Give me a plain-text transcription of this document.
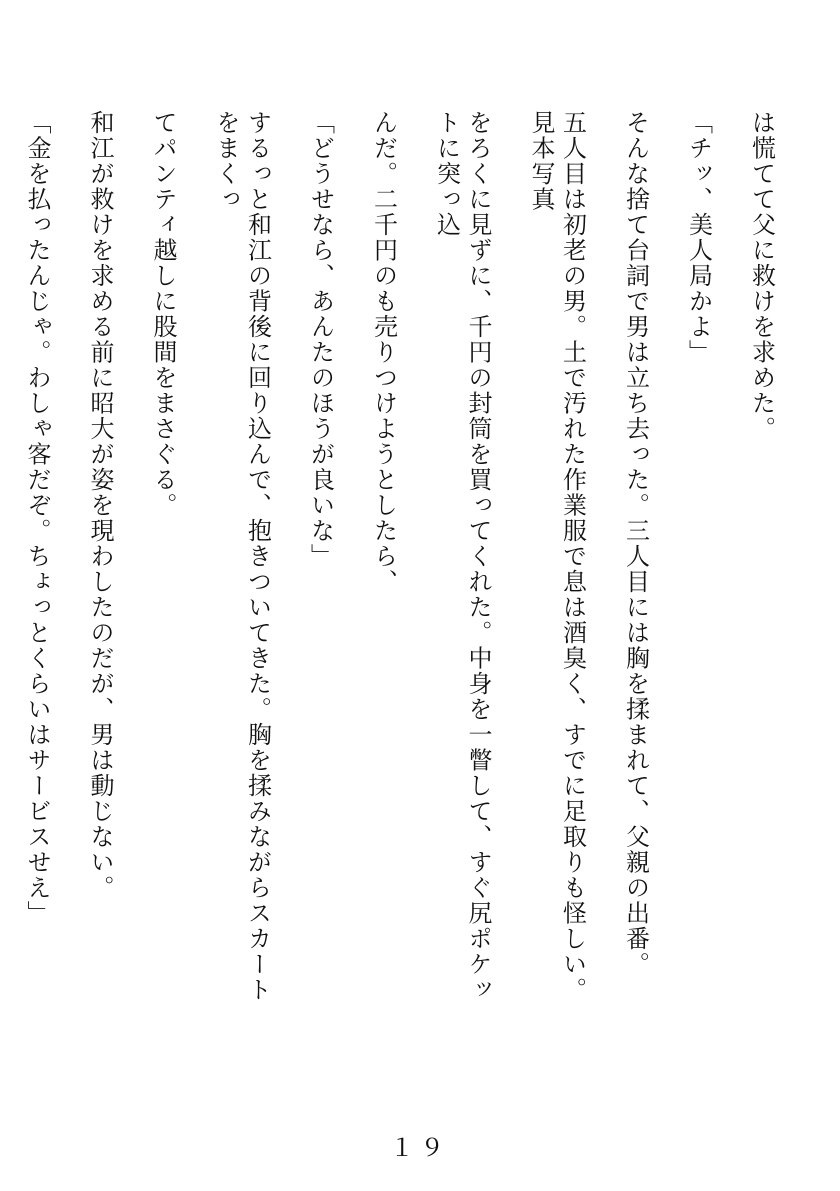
は慌てて父に救けを求めた。

「チッ、美人局かよ」

そんな捨て台詞で男は立ち去った。三人目には胸を揉まれて、父親の出番。

五人目は初老の男。土で汚れた作業服で息は酒臭く、すでに足取りも怪しい。見本写真

をろくに見ずに、千円の封筒を買ってくれた。中身を一瞥して、すぐ尻ポケットに突っ込

んだ。二千円のも売りつけようとしたら、

「どうせなら、あんたのほうが良いな」

するっと和江の背後に回り込んで、抱きついてきた。胸を揉みながらスカートをまくっ

てパンティ越しに股間をまさぐる。

和江が救けを求める前に昭大が姿を現わしたのだが、男は動じない。

「金を払ったんじゃ。わしゃ客だぞ。ちょっとくらいはサービスせえ」

１９
